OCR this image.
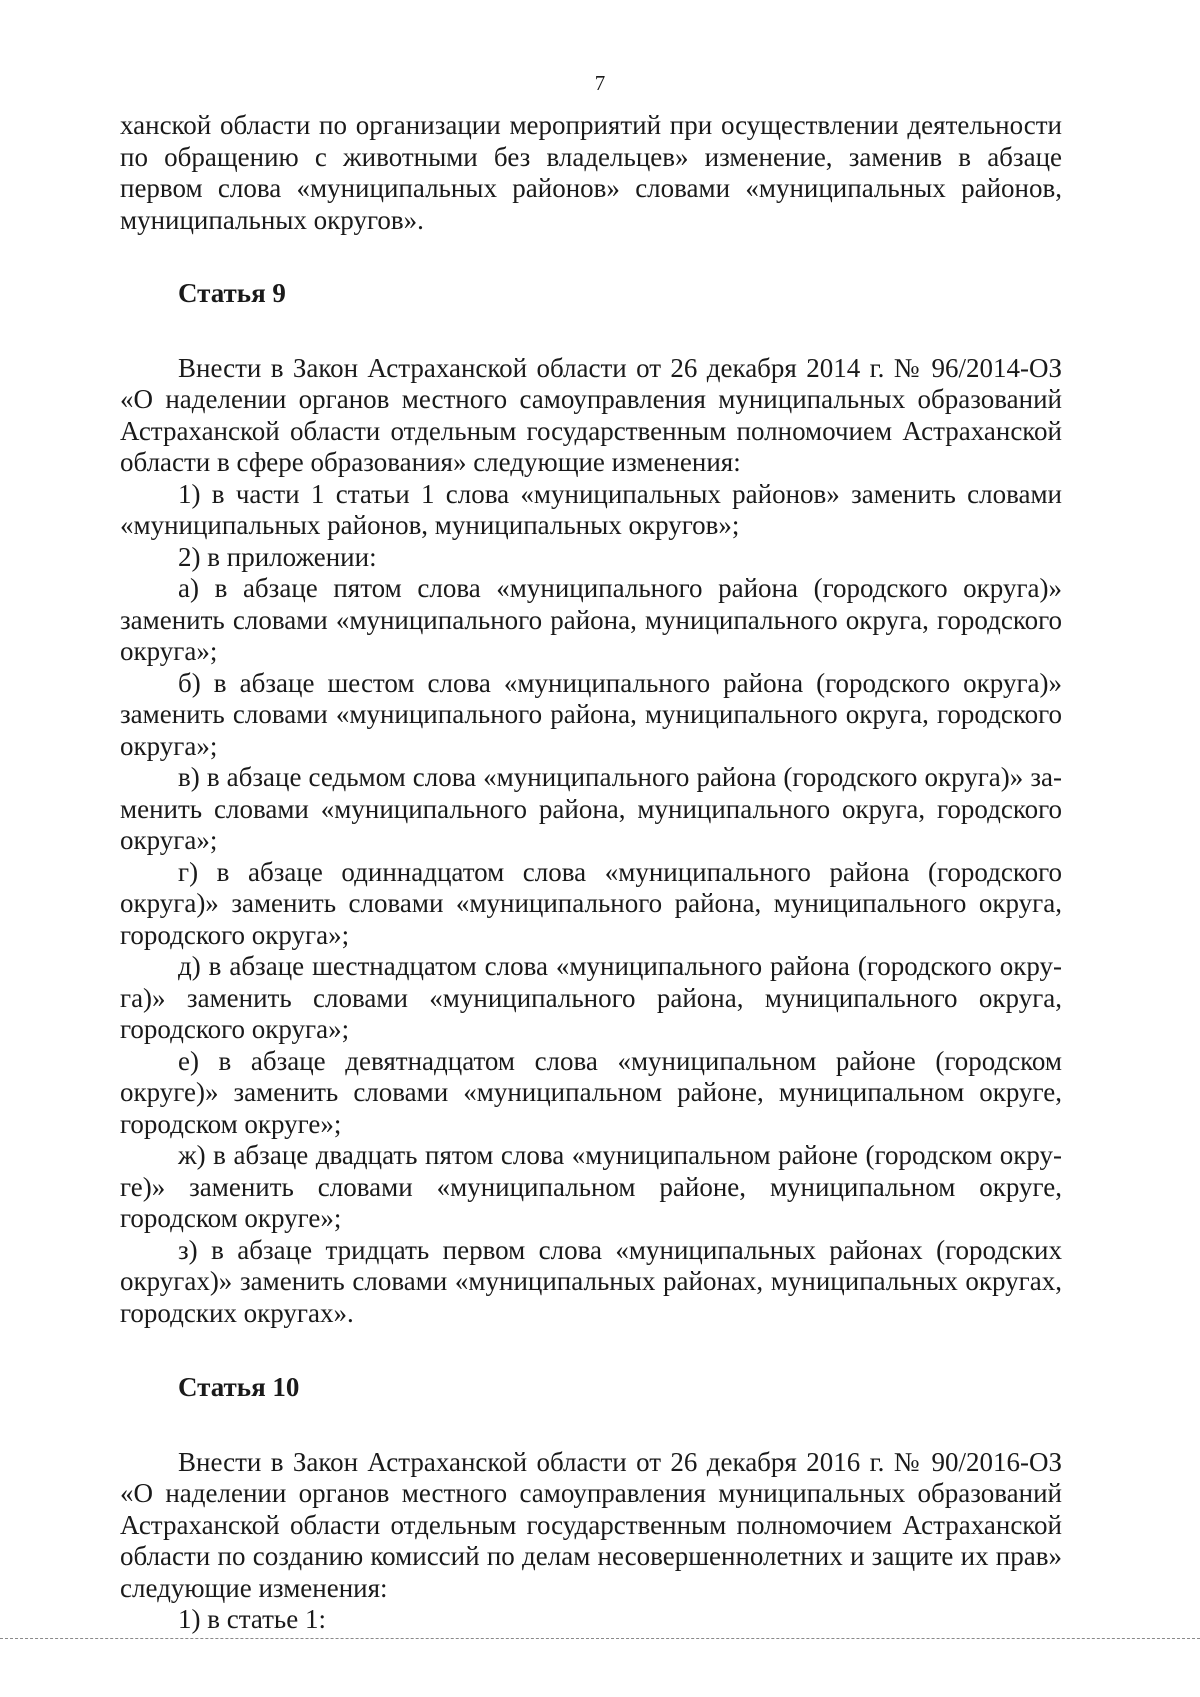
7

ханской области по организации мероприятий при осуществлении деятельности по обращению с животными без владельцев» изменение, заменив в абзаце первом слова «муниципальных районов» словами «муниципальных районов, муниципальных округов».

Статья 9

Внести в Закон Астраханской области от 26 декабря 2014 г. № 96/2014-ОЗ «О наделении органов местного самоуправления муниципальных образований Астраханской области отдельным государственным полномочием Астраханской области в сфере образования» следующие изменения:

1) в части 1 статьи 1 слова «муниципальных районов» заменить словами «муниципальных районов, муниципальных округов»;

2) в приложении:

а) в абзаце пятом слова «муниципального района (городского округа)» заменить словами «муниципального района, муниципального округа, городского округа»;

б) в абзаце шестом слова «муниципального района (городского округа)» заменить словами «муниципального района, муниципального округа, городского округа»;

в) в абзаце седьмом слова «муниципального района (городского округа)» заменить словами «муниципального района, муниципального округа, городского округа»;

г) в абзаце одиннадцатом слова «муниципального района (городского округа)» заменить словами «муниципального района, муниципального округа, городского округа»;

д) в абзаце шестнадцатом слова «муниципального района (городского округа)» заменить словами «муниципального района, муниципального округа, городского округа»;

е) в абзаце девятнадцатом слова «муниципальном районе (городском округе)» заменить словами «муниципальном районе, муниципальном округе, городском округе»;

ж) в абзаце двадцать пятом слова «муниципальном районе (городском округе)» заменить словами «муниципальном районе, муниципальном округе, городском округе»;

з) в абзаце тридцать первом слова «муниципальных районах (городских округах)» заменить словами «муниципальных районах, муниципальных округах, городских округах».

Статья 10

Внести в Закон Астраханской области от 26 декабря 2016 г. № 90/2016-ОЗ «О наделении органов местного самоуправления муниципальных образований Астраханской области отдельным государственным полномочием Астраханской области по созданию комиссий по делам несовершеннолетних и защите их прав» следующие изменения:

1) в статье 1:
